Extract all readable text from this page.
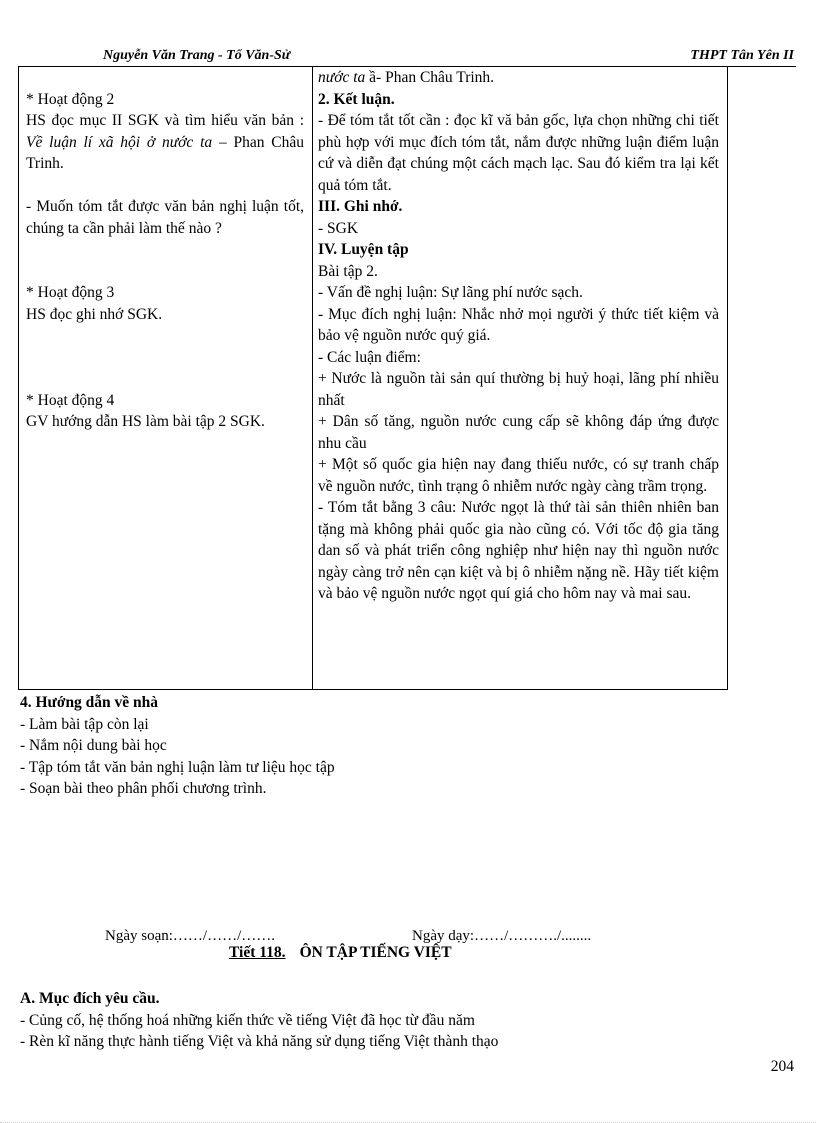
Nguyễn Văn Trang - Tổ Văn-Sử	THPT Tân Yên II

* Hoạt động 2

HS đọc mục II SGK và tìm hiểu văn bản : Về luận lí xã hội ở nước ta – Phan Châu Trinh.

- Muốn tóm tắt được văn bản nghị luận tốt, chúng ta cần phải làm thế nào ?

* Hoạt động 3

HS đọc ghi nhớ SGK.

* Hoạt động 4

GV hướng dẫn HS làm bài tập 2 SGK.

nước ta ầ- Phan Châu Trinh.

2. Kết luận.

- Để tóm tắt tốt cần : đọc kĩ vă bản gốc, lựa chọn những chi tiết phù hợp với mục đích tóm tắt, nắm được những luận điểm luận cứ và diễn đạt chúng một cách mạch lạc. Sau đó kiểm tra lại kết quả tóm tắt.

III. Ghi nhớ.

- SGK

IV. Luyện tập

Bài tập 2.

- Vấn đề nghị luận: Sự lãng phí nước sạch.

- Mục đích nghị luận: Nhắc nhở mọi người ý thức tiết kiệm và bảo vệ nguồn nước quý giá.

- Các luận điểm:

+ Nước là nguồn tài sản quí thường bị huỷ hoại, lãng phí nhiều nhất

+ Dân số tăng, nguồn nước cung cấp sẽ không đáp ứng được nhu cầu

+ Một số quốc gia hiện nay đang thiếu nước, có sự tranh chấp về nguồn nước, tình trạng ô nhiễm nước ngày càng trầm trọng.

- Tóm tắt bằng 3 câu: Nước ngọt là thứ tài sản thiên nhiên ban tặng mà không phải quốc gia nào cũng có. Với tốc độ gia tăng dan số và phát triển công nghiệp như hiện nay thì nguồn nước ngày càng trở nên cạn kiệt và bị ô nhiễm nặng nề. Hãy tiết kiệm và bảo vệ nguồn nước ngọt quí giá cho hôm nay và mai sau.

4. Hướng dẫn về nhà

- Làm bài tập còn lại

- Nắm nội dung bài học

- Tập tóm tắt văn bản nghị luận làm tư liệu học tập

- Soạn bài theo phân phối chương trình.

Ngày soạn:……/……/…….	Ngày dạy:……/………./........
Tiết 118. ÔN TẬP TIẾNG VIỆT

A. Mục đích yêu cầu.

- Củng cố, hệ thống hoá những kiến thức về tiếng Việt đã học từ đầu năm

- Rèn kĩ năng thực hành tiếng Việt và khả năng sử dụng tiếng Việt thành thạo

204
